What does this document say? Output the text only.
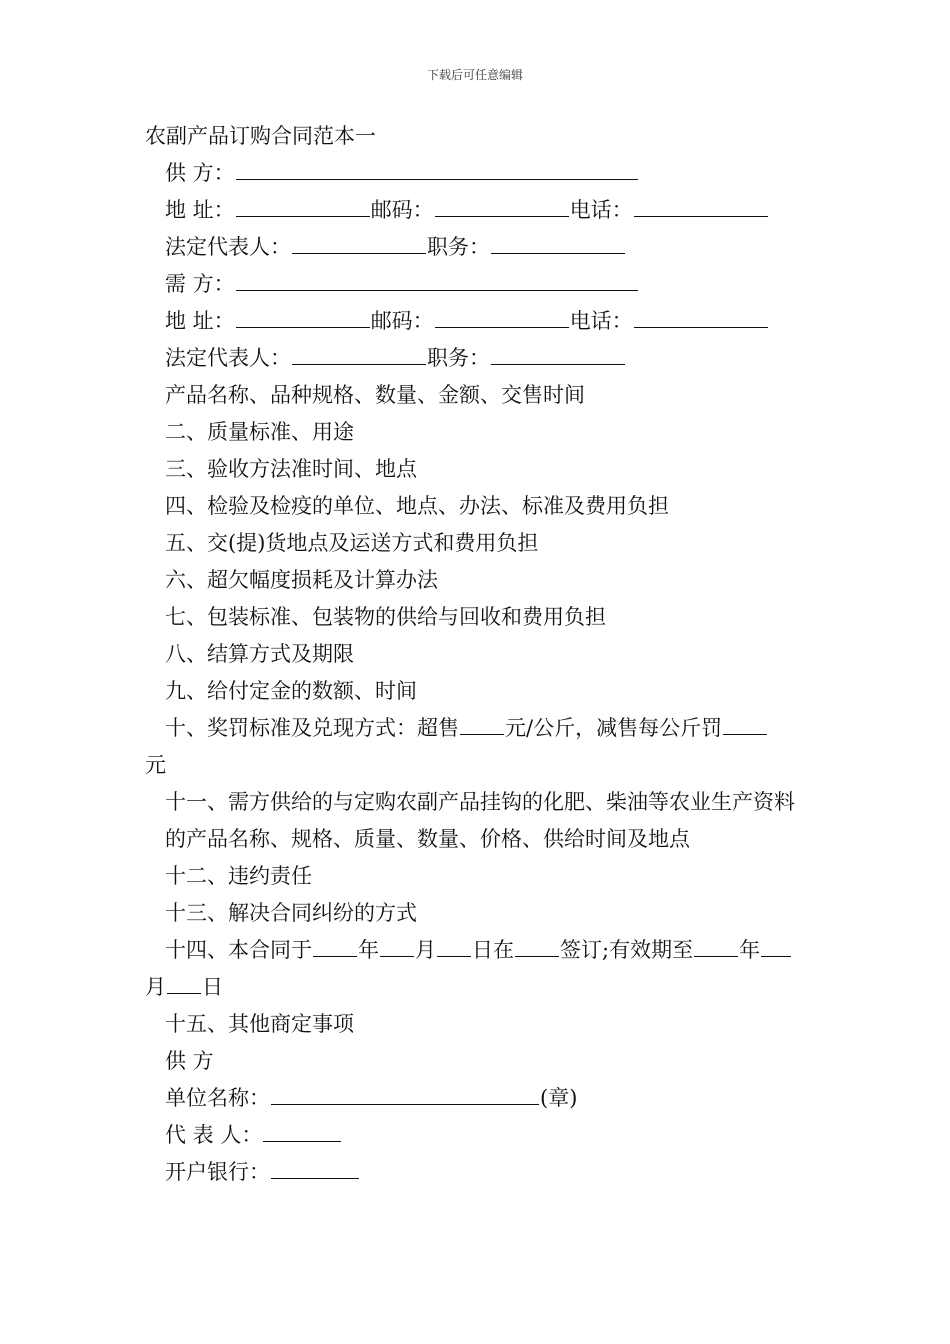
下载后可任意编辑
农副产品订购合同范本一
供 方：
地 址：	邮码：	电话：
法定代表人：	职务：
需 方：
地 址：	邮码：	电话：
法定代表人：	职务：
产品名称、品种规格、数量、金额、交售时间
二、质量标准、用途
三、验收方法准时间、地点
四、检验及检疫的单位、地点、办法、标准及费用负担
五、交(提)货地点及运送方式和费用负担
六、超欠幅度损耗及计算办法
七、包装标准、包装物的供给与回收和费用负担
八、结算方式及期限
九、给付定金的数额、时间
十、奖罚标准及兑现方式：超售 元/公斤，减售每公斤罚
元
十一、需方供给的与定购农副产品挂钩的化肥、柴油等农业生产资料的产品名称、规格、质量、数量、价格、供给时间及地点
十二、违约责任
十三、解决合同纠纷的方式
十四、本合同于 年 月 日在 签订;有效期至 年
月 日
十五、其他商定事项
供 方
单位名称：	(章)
代 表 人：
开户银行：
